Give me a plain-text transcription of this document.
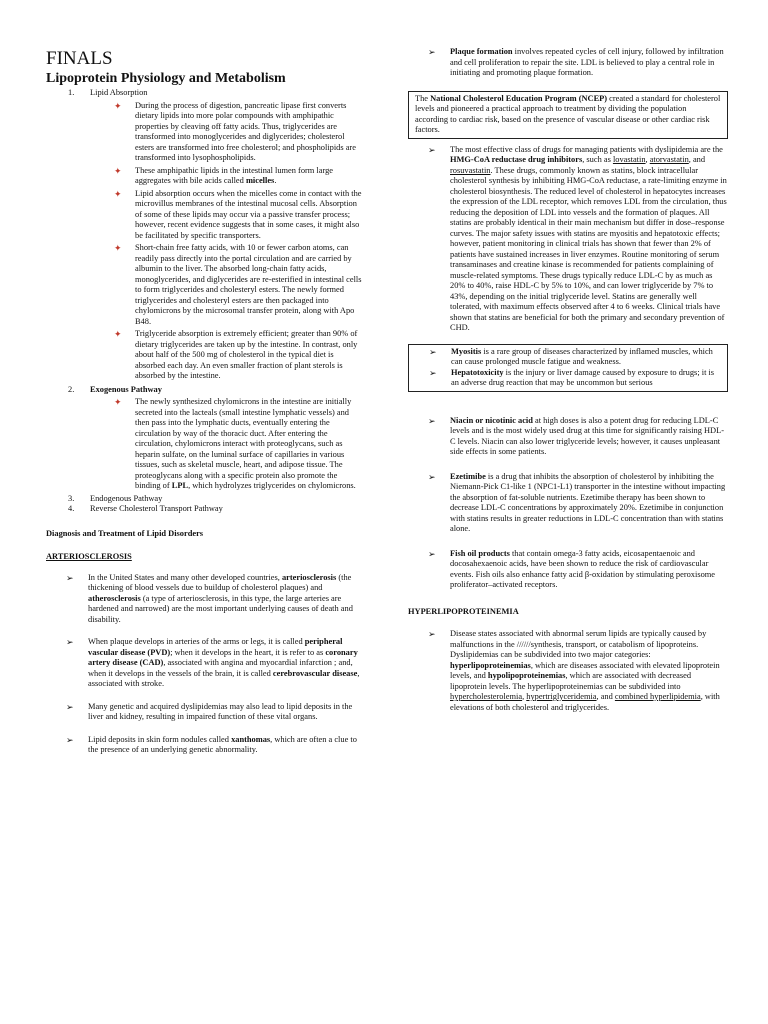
FINALS
Lipoprotein Physiology and Metabolism
1.	Lipid Absorption
✦	During the process of digestion, pancreatic lipase first converts dietary lipids into more polar compounds with amphipathic properties by cleaving off fatty acids. Thus, triglycerides are transformed into monoglycerides and diglycerides; cholesterol esters are transformed into free cholesterol; and phospholipids are transformed into lysophospholipids.
✦	These amphipathic lipids in the intestinal lumen form large aggregates with bile acids called micelles.
✦	Lipid absorption occurs when the micelles come in contact with the microvillus membranes of the intestinal mucosal cells. Absorption of some of these lipids may occur via a passive transfer process; however, recent evidence suggests that in some cases, it might also be facilitated by specific transporters.
✦	Short-chain free fatty acids, with 10 or fewer carbon atoms, can readily pass directly into the portal circulation and are carried by albumin to the liver. The absorbed long-chain fatty acids, monoglycerides, and diglycerides are re-esterified in intestinal cells to form triglycerides and cholesteryl esters. The newly formed triglycerides and cholesteryl esters are then packaged into chylomicrons by the microsomal transfer protein, along with Apo B48.
✦	Triglyceride absorption is extremely efficient; greater than 90% of dietary triglycerides are taken up by the intestine. In contrast, only about half of the 500 mg of cholesterol in the typical diet is absorbed each day. An even smaller fraction of plant sterols is absorbed by the intestine.
2.	Exogenous Pathway
✦	The newly synthesized chylomicrons in the intestine are initially secreted into the lacteals (small intestine lymphatic vessels) and then pass into the lymphatic ducts, eventually entering the circulation by way of the thoracic duct. After entering the circulation, chylomicrons interact with proteoglycans, such as heparin sulfate, on the luminal surface of capillaries in various tissues, such as skeletal muscle, heart, and adipose tissue. The proteoglycans along with a specific protein also promote the binding of LPL, which hydrolyzes triglycerides on chylomicrons.
3.	Endogenous Pathway
4.	Reverse Cholesterol Transport Pathway
Diagnosis and Treatment of Lipid Disorders
ARTERIOSCLEROSIS
➢	In the United States and many other developed countries, arteriosclerosis (the thickening of blood vessels due to buildup of cholesterol plaques) and atherosclerosis (a type of arteriosclerosis, in this type, the large arteries are hardened and narrowed) are the most important underlying causes of death and disability.
➢	When plaque develops in arteries of the arms or legs, it is called peripheral vascular disease (PVD); when it develops in the heart, it is refer to as coronary artery disease (CAD), associated with angina and myocardial infarction ; and, when it develops in the vessels of the brain, it is called cerebrovascular disease, associated with stroke.
➢	Many genetic and acquired dyslipidemias may also lead to lipid deposits in the liver and kidney, resulting in impaired function of these vital organs.
➢	Lipid deposits in skin form nodules called xanthomas, which are often a clue to the presence of an underlying genetic abnormality.
➢	Plaque formation involves repeated cycles of cell injury, followed by infiltration and cell proliferation to repair the site. LDL is believed to play a central role in initiating and promoting plaque formation.
The National Cholesterol Education Program (NCEP) created a standard for cholesterol levels and pioneered a practical approach to treatment by dividing the population according to cardiac risk, based on the presence of vascular disease or other cardiac risk factors.
➢	The most effective class of drugs for managing patients with dyslipidemia are the HMG-CoA reductase drug inhibitors, such as lovastatin, atorvastatin, and rosuvastatin. These drugs, commonly known as statins, block intracellular cholesterol synthesis by inhibiting HMG-CoA reductase, a rate-limiting enzyme in cholesterol biosynthesis. The reduced level of cholesterol in hepatocytes increases the expression of the LDL receptor, which removes LDL from the circulation, thus reducing the deposition of LDL into vessels and the formation of plaques. All statins are probably identical in their main mechanism but differ in dose–response curves. The major safety issues with statins are myositis and hepatotoxic effects; however, patient monitoring in clinical trials has shown that fewer than 2% of patients have sustained increases in liver enzymes. Routine monitoring of serum transaminases and creatine kinase is recommended for patients complaining of muscle-related symptoms. These drugs typically reduce LDL-C by as much as 20% to 40%, raise HDL-C by 5% to 10%, and can lower triglyceride by 7% to 43%, depending on the initial triglyceride level. Statins are generally well tolerated, with maximum effects observed after 4 to 6 weeks. Clinical trials have shown that statins are beneficial for both the primary and secondary prevention of CHD.
➢	Myositis is a rare group of diseases characterized by inflamed muscles, which can cause prolonged muscle fatigue and weakness.
➢	Hepatotoxicity is the injury or liver damage caused by exposure to drugs; it is an adverse drug reaction that may be uncommon but serious
➢	Niacin or nicotinic acid at high doses is also a potent drug for reducing LDL-C levels and is the most widely used drug at this time for significantly raising HDL-C levels. Niacin can also lower triglyceride levels; however, it causes unpleasant side effects in some patients.
➢	Ezetimibe is a drug that inhibits the absorption of cholesterol by inhibiting the Niemann-Pick C1-like 1 (NPC1-L1) transporter in the intestine without impacting the absorption of fat-soluble nutrients. Ezetimibe therapy has been shown to decrease LDL-C concentrations by approximately 20%. Ezetimibe in conjunction with statins results in greater reductions in LDL-C concentration than with statins alone.
➢	Fish oil products that contain omega-3 fatty acids, eicosapentaenoic and docosahexaenoic acids, have been shown to reduce the risk of cardiovascular events. Fish oils also enhance fatty acid β-oxidation by stimulating peroxisome proliferator–activated receptors.
HYPERLIPOPROTEINEMIA
➢	Disease states associated with abnormal serum lipids are typically caused by malfunctions in the //////synthesis, transport, or catabolism of lipoproteins. Dyslipidemias can be subdivided into two major categories: hyperlipoproteinemias, which are diseases associated with elevated lipoprotein levels, and hypolipoproteinemias, which are associated with decreased lipoprotein levels. The hyperlipoproteinemias can be subdivided into hypercholesterolemia, hypertriglyceridemia, and combined hyperlipidemia, with elevations of both cholesterol and triglycerides.
